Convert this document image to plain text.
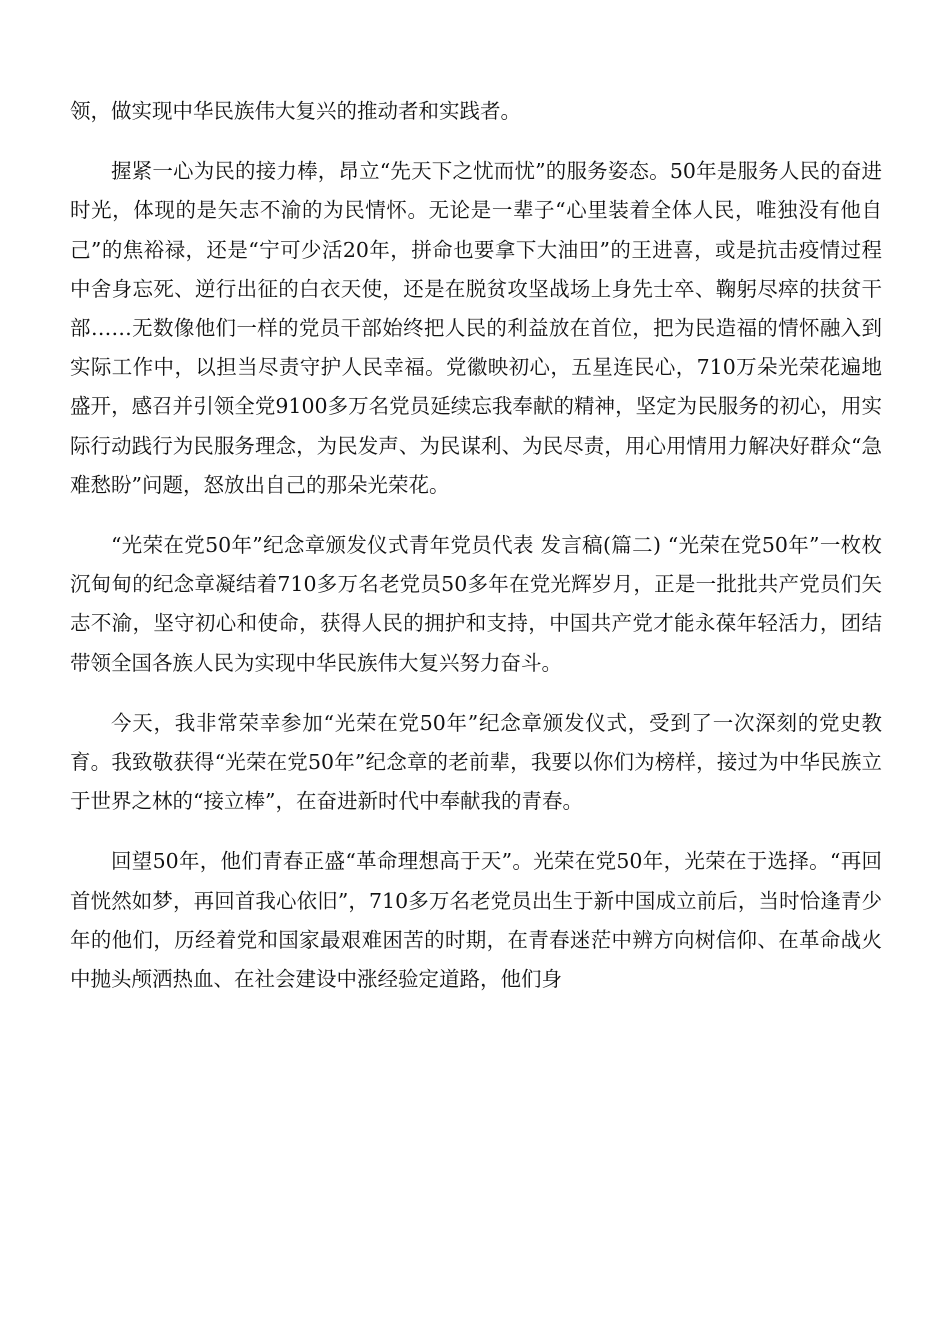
领，做实现中华民族伟大复兴的推动者和实践者。

握紧一心为民的接力棒，昂立“先天下之忧而忧”的服务姿态。50年是服务人民的奋进时光，体现的是矢志不渝的为民情怀。无论是一辈子“心里装着全体人民，唯独没有他自己”的焦裕禄，还是“宁可少活20年，拼命也要拿下大油田”的王进喜，或是抗击疫情过程中舍身忘死、逆行出征的白衣天使，还是在脱贫攻坚战场上身先士卒、鞠躬尽瘁的扶贫干部……无数像他们一样的党员干部始终把人民的利益放在首位，把为民造福的情怀融入到实际工作中，以担当尽责守护人民幸福。党徽映初心，五星连民心，710万朵光荣花遍地盛开，感召并引领全党9100多万名党员延续忘我奉献的精神，坚定为民服务的初心，用实际行动践行为民服务理念，为民发声、为民谋利、为民尽责，用心用情用力解决好群众“急难愁盼”问题，怒放出自己的那朵光荣花。

“光荣在党50年”纪念章颁发仪式青年党员代表 发言稿(篇二) “光荣在党50年”一枚枚沉甸甸的纪念章凝结着710多万名老党员50多年在党光辉岁月，正是一批批共产党员们矢志不渝，坚守初心和使命，获得人民的拥护和支持，中国共产党才能永葆年轻活力，团结带领全国各族人民为实现中华民族伟大复兴努力奋斗。

今天，我非常荣幸参加“光荣在党50年”纪念章颁发仪式，受到了一次深刻的党史教育。我致敬获得“光荣在党50年”纪念章的老前辈，我要以你们为榜样，接过为中华民族立于世界之林的“接立棒”，在奋进新时代中奉献我的青春。

回望50年，他们青春正盛“革命理想高于天”。光荣在党50年，光荣在于选择。“再回首恍然如梦，再回首我心依旧”，710多万名老党员出生于新中国成立前后，当时恰逢青少年的他们，历经着党和国家最艰难困苦的时期，在青春迷茫中辨方向树信仰、在革命战火中抛头颅洒热血、在社会建设中涨经验定道路，他们身
